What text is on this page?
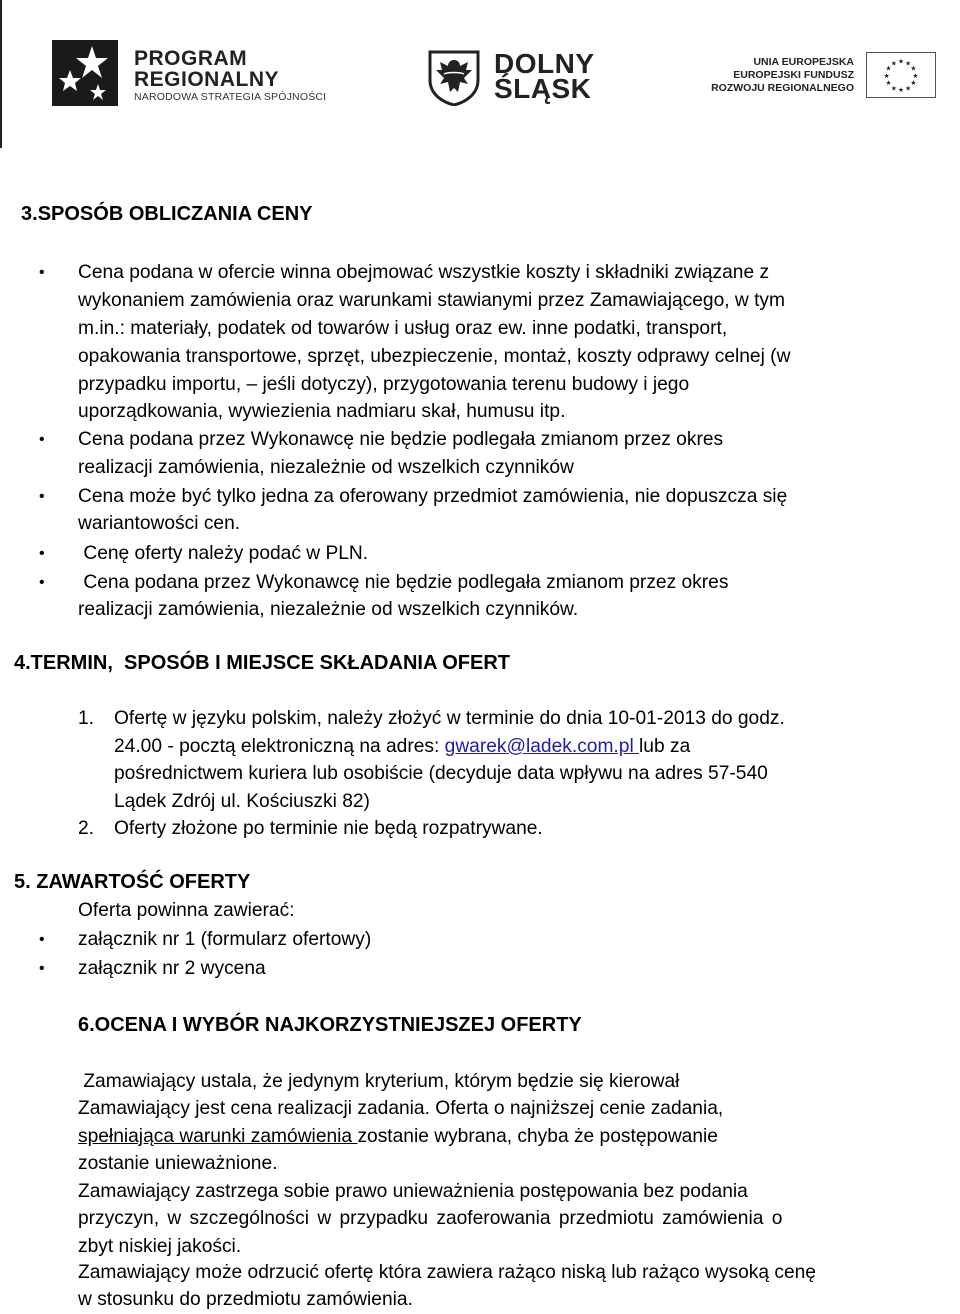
PROGRAM
REGIONALNY
NARODOWA STRATEGIA SPÓJNOŚCI
DOLNY
ŚLĄSK
UNIA EUROPEJSKA
EUROPEJSKI FUNDUSZ
ROZWOJU REGIONALNEGO
★ ★
★
★
★
★
★
★
★
★
★
★
3.SPOSÓB OBLICZANIA CENY
• Cena podana w ofercie winna obejmować wszystkie koszty i składniki związane z
wykonaniem zamówienia oraz warunkami stawianymi przez Zamawiającego, w tym
m.in.: materiały, podatek od towarów i usług oraz ew. inne podatki, transport,
opakowania transportowe, sprzęt, ubezpieczenie, montaż, koszty odprawy celnej (w
przypadku importu, – jeśli dotyczy), przygotowania terenu budowy i jego
uporządkowania, wywiezienia nadmiaru skał, humusu itp.
• Cena podana przez Wykonawcę nie będzie podlegała zmianom przez okres
realizacji zamówienia, niezależnie od wszelkich czynników
• Cena może być tylko jedna za oferowany przedmiot zamówienia, nie dopuszcza się
wariantowości cen.
• Cenę oferty należy podać w PLN.
• Cena podana przez Wykonawcę nie będzie podlegała zmianom przez okres
realizacji zamówienia, niezależnie od wszelkich czynników.
4.TERMIN,  SPOSÓB I MIEJSCE SKŁADANIA OFERT
1. Ofertę w języku polskim, należy złożyć w terminie do dnia 10-01-2013 do godz.
24.00 - pocztą elektroniczną na adres: gwarek@ladek.com.pl lub za
pośrednictwem kuriera lub osobiście (decyduje data wpływu na adres 57-540
Lądek Zdrój ul. Kościuszki 82)
2. Oferty złożone po terminie nie będą rozpatrywane.
5. ZAWARTOŚĆ OFERTY
Oferta powinna zawierać:
• załącznik nr 1 (formularz ofertowy)
• załącznik nr 2 wycena
6.OCENA I WYBÓR NAJKORZYSTNIEJSZEJ OFERTY
Zamawiający ustala, że jedynym kryterium, którym będzie się kierował
Zamawiający jest cena realizacji zadania. Oferta o najniższej cenie zadania,
spełniająca warunki zamówienia zostanie wybrana, chyba że postępowanie
zostanie unieważnione.
Zamawiający zastrzega sobie prawo unieważnienia postępowania bez podania
przyczyn, w szczególności w przypadku zaoferowania przedmiotu zamówienia o
zbyt niskiej jakości.
Zamawiający może odrzucić ofertę która zawiera rażąco niską lub rażąco wysoką cenę
w stosunku do przedmiotu zamówienia.
